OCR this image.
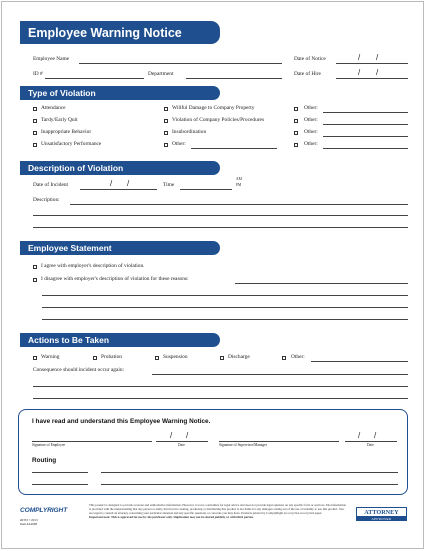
Employee Warning Notice
Employee Name	Date of Notice	/ /
ID #	Department	Date of Hire	/ /
Type of Violation
Attendance
Tardy/Early Quit
Inappropriate Behavior
Unsatisfactory Performance
Willful Damage to Company Property
Violation of Company Policies/Procedures
Insubordination
Other:
Other:
Other:
Other:
Other:
Description of Violation
Date of Incident	/ /	Time
AM
PM
Description:
Employee Statement
I agree with employer's description of violation.
I disagree with employer's description of violation for these reasons:
Actions to Be Taken
Warning	Probation	Suspension	Discharge	Other:
Consequence should incident occur again:
I have read and understand this Employee Warning Notice.
Signature of Employee
/ /
Date	Signature of Supervisor/Manager
/ /
Date
Routing
COMPLYRIGHT
#0353 ©2013
Item #A4098
This product is designed to provide accurate and authoritative information. However, it is not a substitute for legal advice and does not provide legal opinions on any specific facts or services. The information is provided with the understanding that any person or entity involved in creating, producing or distributing this product is not liable for any damages arising out of the use or inability to use this product. You are urged to consult an attorney concerning your particular situation and any specific questions or concerns you may have. Products printed by ComplyRight are recycled on recycled paper.
Important note: This is approved for use by the purchaser only. Duplication may not be shared publicly or with third parties.
ATTORNEY
APPROVED
